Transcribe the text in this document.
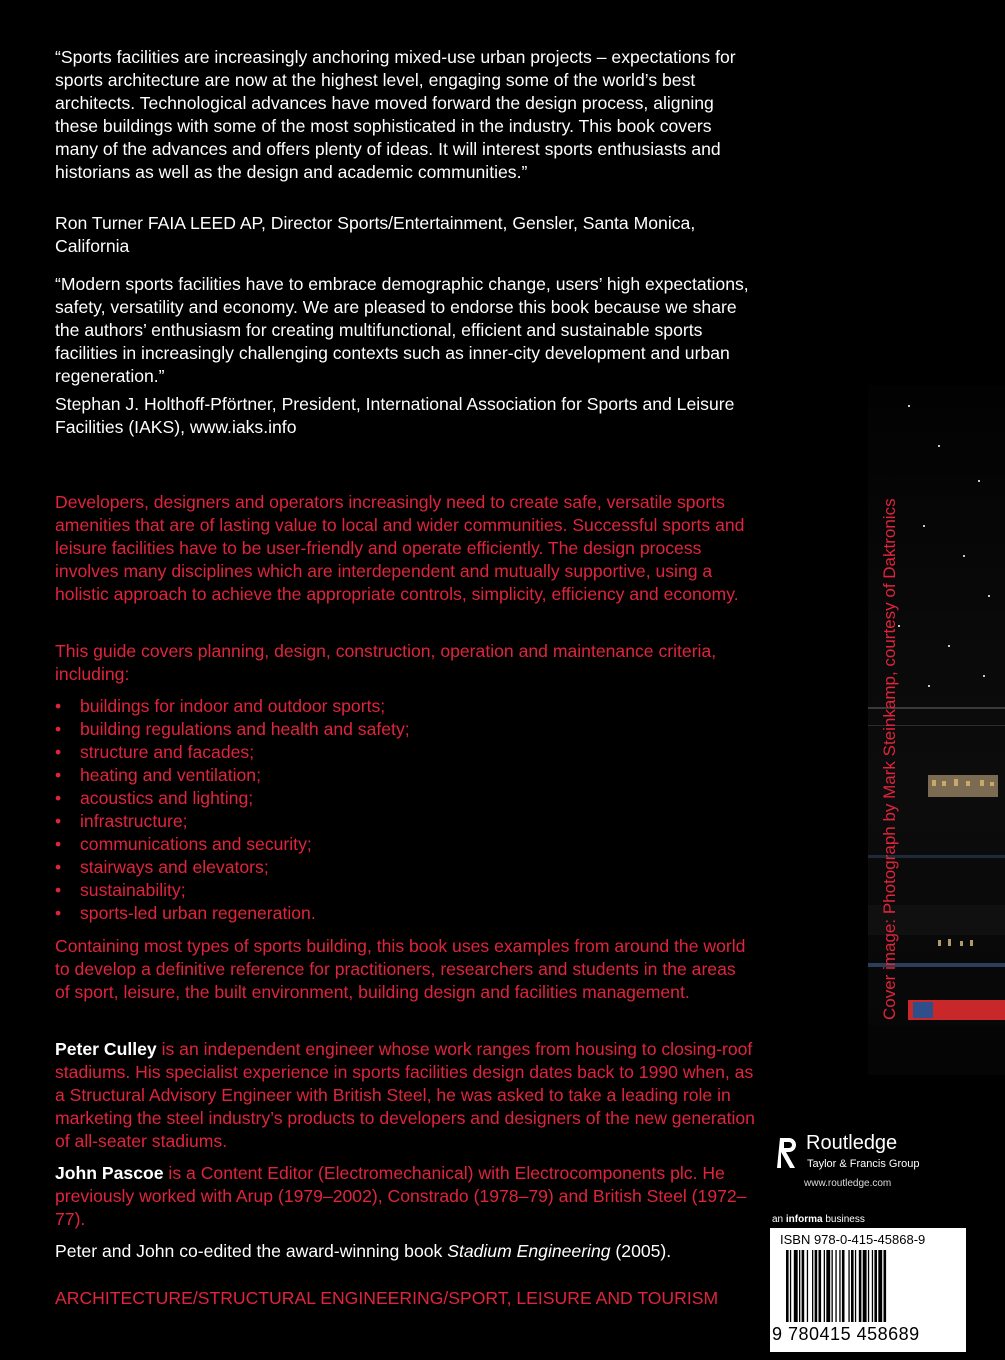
“Sports facilities are increasingly anchoring mixed-use urban projects – expectations for sports architecture are now at the highest level, engaging some of the world’s best architects. Technological advances have moved forward the design process, aligning these buildings with some of the most sophisticated in the industry. This book covers many of the advances and offers plenty of ideas. It will interest sports enthusiasts and historians as well as the design and academic communities.”

Ron Turner FAIA LEED AP, Director Sports/Entertainment, Gensler, Santa Monica, California

“Modern sports facilities have to embrace demographic change, users’ high expectations, safety, versatility and economy. We are pleased to endorse this book because we share the authors’ enthusiasm for creating multifunctional, efficient and sustainable sports facilities in increasingly challenging contexts such as inner-city development and urban regeneration.”

Stephan J. Holthoff-Pförtner, President, International Association for Sports and Leisure Facilities (IAKS), www.iaks.info

Developers, designers and operators increasingly need to create safe, versatile sports amenities that are of lasting value to local and wider communities. Successful sports and leisure facilities have to be user-friendly and operate efficiently. The design process involves many disciplines which are interdependent and mutually supportive, using a holistic approach to achieve the appropriate controls, simplicity, efficiency and economy.

This guide covers planning, design, construction, operation and maintenance criteria, including:

• buildings for indoor and outdoor sports;
• building regulations and health and safety;
• structure and facades;
• heating and ventilation;
• acoustics and lighting;
• infrastructure;
• communications and security;
• stairways and elevators;
• sustainability;
• sports-led urban regeneration.

Containing most types of sports building, this book uses examples from around the world to develop a definitive reference for practitioners, researchers and students in the areas of sport, leisure, the built environment, building design and facilities management.

Peter Culley is an independent engineer whose work ranges from housing to closing-roof stadiums. His specialist experience in sports facilities design dates back to 1990 when, as a Structural Advisory Engineer with British Steel, he was asked to take a leading role in marketing the steel industry’s products to developers and designers of the new generation of all-seater stadiums.

John Pascoe is a Content Editor (Electromechanical) with Electrocomponents plc. He previously worked with Arup (1979–2002), Constrado (1978–79) and British Steel (1972–77).

Peter and John co-edited the award-winning book Stadium Engineering (2005).

ARCHITECTURE/STRUCTURAL ENGINEERING/SPORT, LEISURE AND TOURISM

Cover image: Photograph by Mark Steinkamp, courtesy of Daktronics
Routledge
Taylor & Francis Group
www.routledge.com
an informa business
ISBN 978-0-415-45868-9
9 780415 458689
